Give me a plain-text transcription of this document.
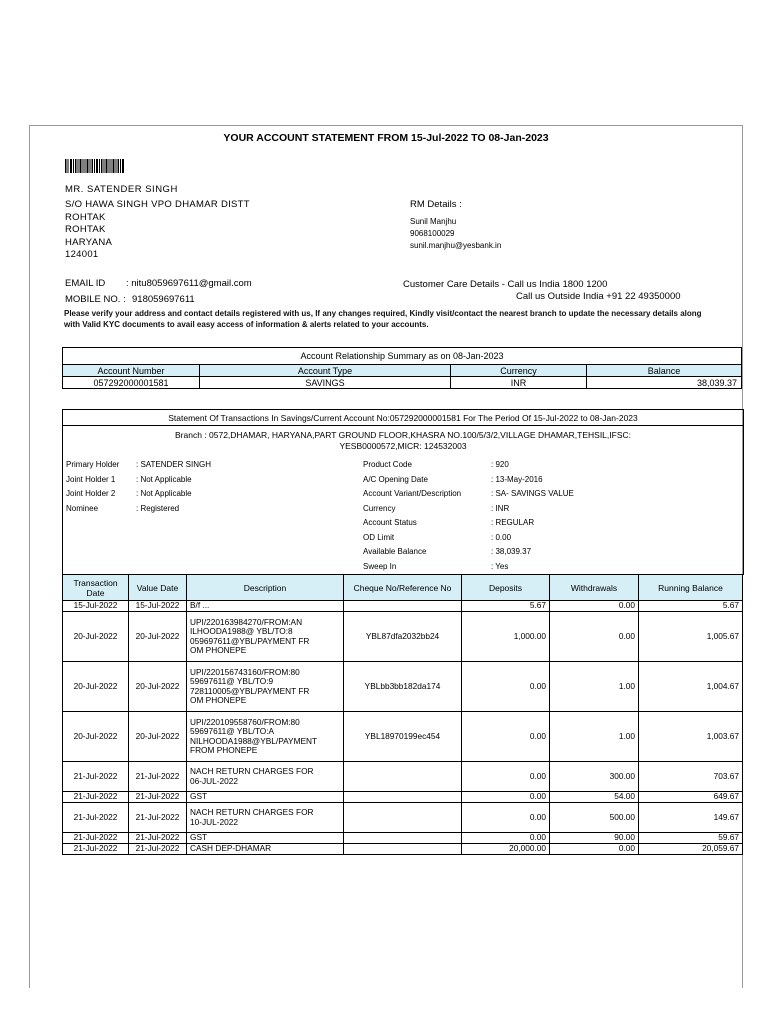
YOUR ACCOUNT STATEMENT FROM 15-Jul-2022 TO 08-Jan-2023
MR. SATENDER SINGH
S/O HAWA SINGH VPO DHAMAR DISTT
ROHTAK
ROHTAK
HARYANA
124001
RM Details :
Sunil Manjhu
9068100029
sunil.manjhu@yesbank.in
EMAIL ID : nitu8059697611@gmail.com
MOBILE NO. : 918059697611
Customer Care Details - Call us India 1800 1200
Call us Outside India +91 22 49350000
Please verify your address and contact details registered with us, If any changes required, Kindly visit/contact the nearest branch to update the necessary details along with Valid KYC documents to avail easy access of information & alerts related to your accounts.
Account Relationship Summary as on 08-Jan-2023			
Account Number	Account Type	Currency	Balance
057292000001581	SAVINGS	INR	38,039.37
Statement Of Transactions In Savings/Current Account No:057292000001581 For The Period Of 15-Jul-2022 to 08-Jan-2023
Branch : 0572,DHAMAR, HARYANA,PART GROUND FLOOR,KHASRA NO.100/5/3/2,VILLAGE DHAMAR,TEHSIL,IFSC:
YESB0000572,MICR: 124532003
Primary Holder : SATENDER SINGH
Joint Holder 1	: Not Applicable
Joint Holder 2	: Not Applicable
Nominee	: Registered
Product Code	: 920
A/C Opening Date	: 13-May-2016
Account Variant/Description	: SA- SAVINGS VALUE
Currency	: INR
Account Status	: REGULAR
OD Limit	: 0.00
Available Balance	: 38,039.37
Sweep In	: Yes
Transaction Date	Value Date	Description	Cheque No/Reference No	Deposits	Withdrawals	Running Balance
15-Jul-2022	15-Jul-2022	B/f ...		5.67	0.00	5.67
20-Jul-2022	20-Jul-2022	UPI/220163984270/FROM:AN
ILHOODA1988@ YBL/TO:8
059697611@YBL/PAYMENT FR
OM PHONEPE	YBL87dfa2032bb24	1,000.00	0.00	1,005.67
20-Jul-2022	20-Jul-2022	UPI/220156743160/FROM:80
59697611@ YBL/TO:9
728110005@YBL/PAYMENT FR
OM PHONEPE	YBLbb3bb182da174	0.00	1.00	1,004.67
20-Jul-2022	20-Jul-2022	UPI/220109558760/FROM:80
59697611@ YBL/TO:A
NILHOODA1988@YBL/PAYMENT
FROM PHONEPE	YBL18970199ec454	0.00	1.00	1,003.67
21-Jul-2022	21-Jul-2022	NACH RETURN CHARGES FOR
06-JUL-2022		0.00	300.00	703.67
21-Jul-2022	21-Jul-2022	GST		0.00	54.00	649.67
21-Jul-2022	21-Jul-2022	NACH RETURN CHARGES FOR
10-JUL-2022		0.00	500.00	149.67
21-Jul-2022	21-Jul-2022	GST		0.00	90.00	59.67
21-Jul-2022	21-Jul-2022	CASH DEP-DHAMAR		20,000.00	0.00	20,059.67
